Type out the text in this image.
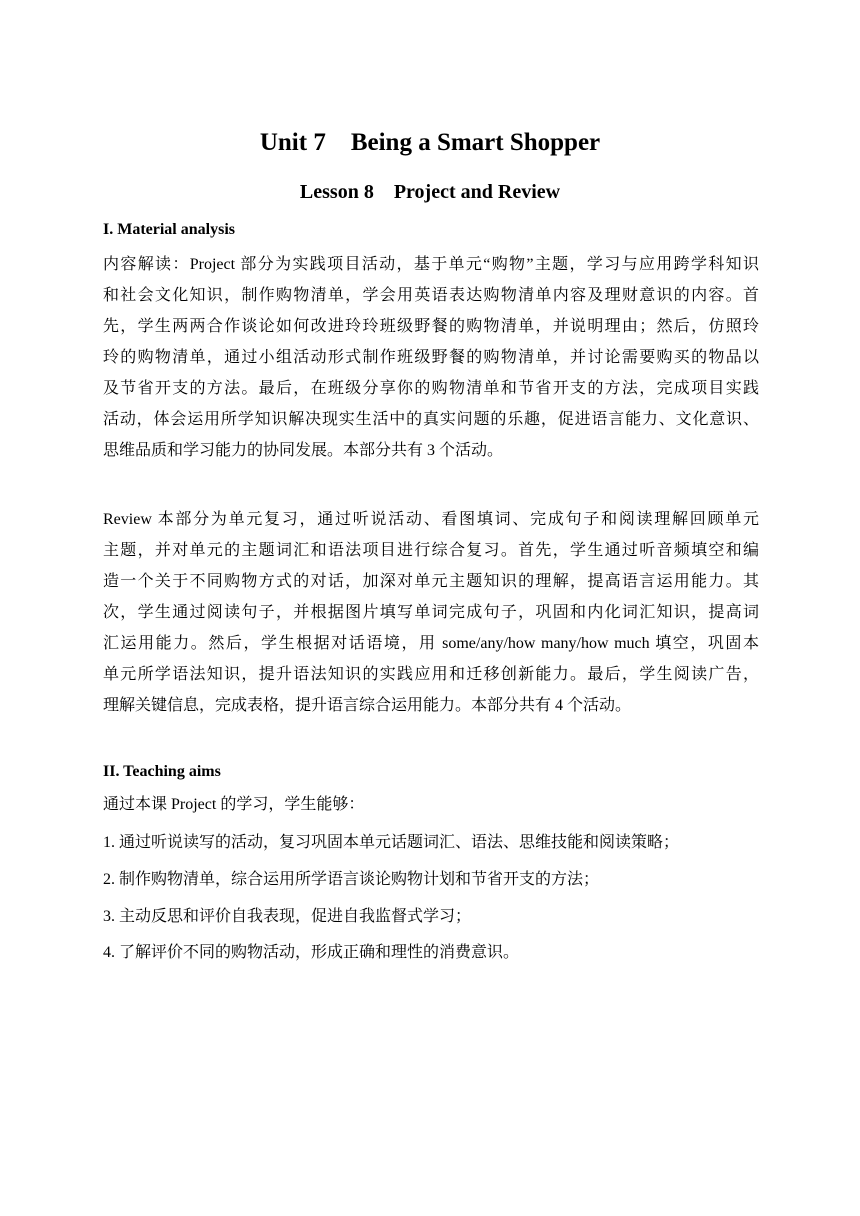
Unit 7    Being a Smart Shopper
Lesson 8    Project and Review
I. Material analysis
内容解读：Project 部分为实践项目活动，基于单元“购物”主题，学习与应用跨学科知识
和社会文化知识，制作购物清单，学会用英语表达购物清单内容及理财意识的内容。首
先，学生两两合作谈论如何改进玲玲班级野餐的购物清单，并说明理由；然后，仿照玲
玲的购物清单，通过小组活动形式制作班级野餐的购物清单，并讨论需要购买的物品以
及节省开支的方法。最后，在班级分享你的购物清单和节省开支的方法，完成项目实践
活动，体会运用所学知识解决现实生活中的真实问题的乐趣，促进语言能力、文化意识、
思维品质和学习能力的协同发展。本部分共有 3 个活动。
Review 本部分为单元复习，通过听说活动、看图填词、完成句子和阅读理解回顾单元
主题，并对单元的主题词汇和语法项目进行综合复习。首先，学生通过听音频填空和编
造一个关于不同购物方式的对话，加深对单元主题知识的理解，提高语言运用能力。其
次，学生通过阅读句子，并根据图片填写单词完成句子，巩固和内化词汇知识，提高词
汇运用能力。然后，学生根据对话语境，用 some/any/how many/how much 填空，巩固本
单元所学语法知识，提升语法知识的实践应用和迁移创新能力。最后，学生阅读广告，
理解关键信息，完成表格，提升语言综合运用能力。本部分共有 4 个活动。
II. Teaching aims
通过本课 Project 的学习，学生能够：
1. 通过听说读写的活动，复习巩固本单元话题词汇、语法、思维技能和阅读策略；
2. 制作购物清单，综合运用所学语言谈论购物计划和节省开支的方法；
3. 主动反思和评价自我表现，促进自我监督式学习；
4. 了解评价不同的购物活动，形成正确和理性的消费意识。
